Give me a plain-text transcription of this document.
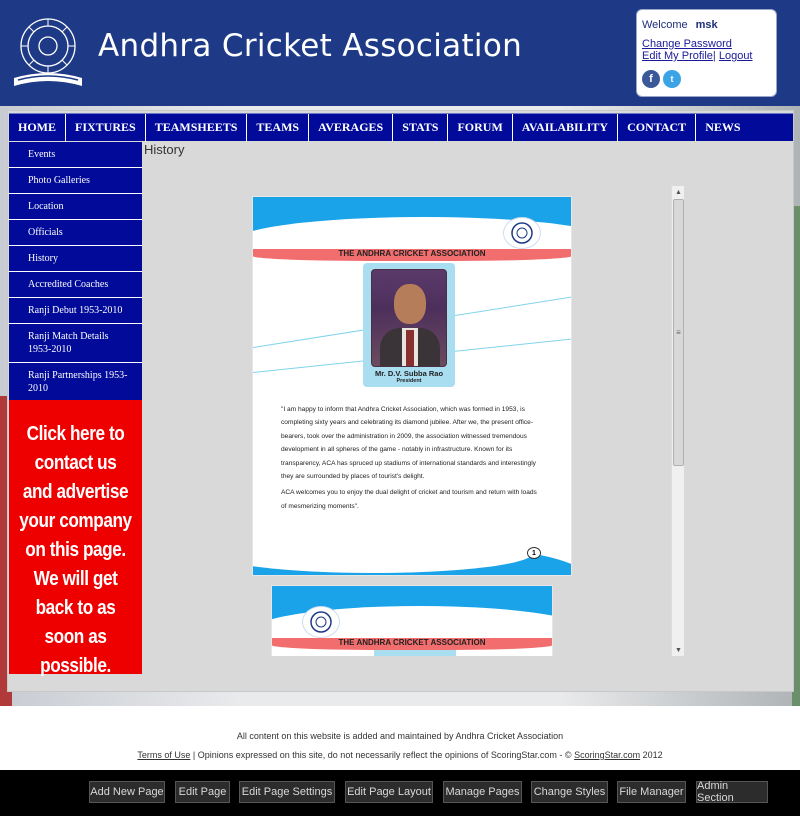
Andhra Cricket Association
Welcome msk
Change Password
Edit My Profile| Logout
f	t
HOME	FIXTURES	TEAMSHEETS	TEAMS	AVERAGES	STATS	FORUM	AVAILABILITY	CONTACT	NEWS
Events
Photo Galleries
Location
Officials
History
Accredited Coaches
Ranji Debut 1953-2010
Ranji Match Details 1953-2010
Ranji Partnerships 1953-2010
Click here to contact us and advertise your company on this page. We will get back to as soon as possible.
History
THE ANDHRA CRICKET ASSOCIATION
Mr. D.V. Subba Rao
President

"I am happy to inform that Andhra Cricket Association, which was formed in 1953, is completing sixty years and celebrating its diamond jubilee. After we, the present office-bearers, took over the administration in 2009, the association witnessed tremendous development in all spheres of the game - notably in infrastructure. Known for its transparency, ACA has spruced up stadiums of international standards and interestingly they are surrounded by places of tourist's delight.

ACA welcomes you to enjoy the dual delight of cricket and tourism and return with loads of mesmerizing moments".

1
THE ANDHRA CRICKET ASSOCIATION
▲
≡
▼
All content on this website is added and maintained by Andhra Cricket Association
Terms of Use | Opinions expressed on this site, do not necessarily reflect the opinions of ScoringStar.com - © ScoringStar.com 2012
Add New Page	Edit Page	Edit Page Settings Edit Page Layout Manage Pages Change Styles File Manager Admin Section
